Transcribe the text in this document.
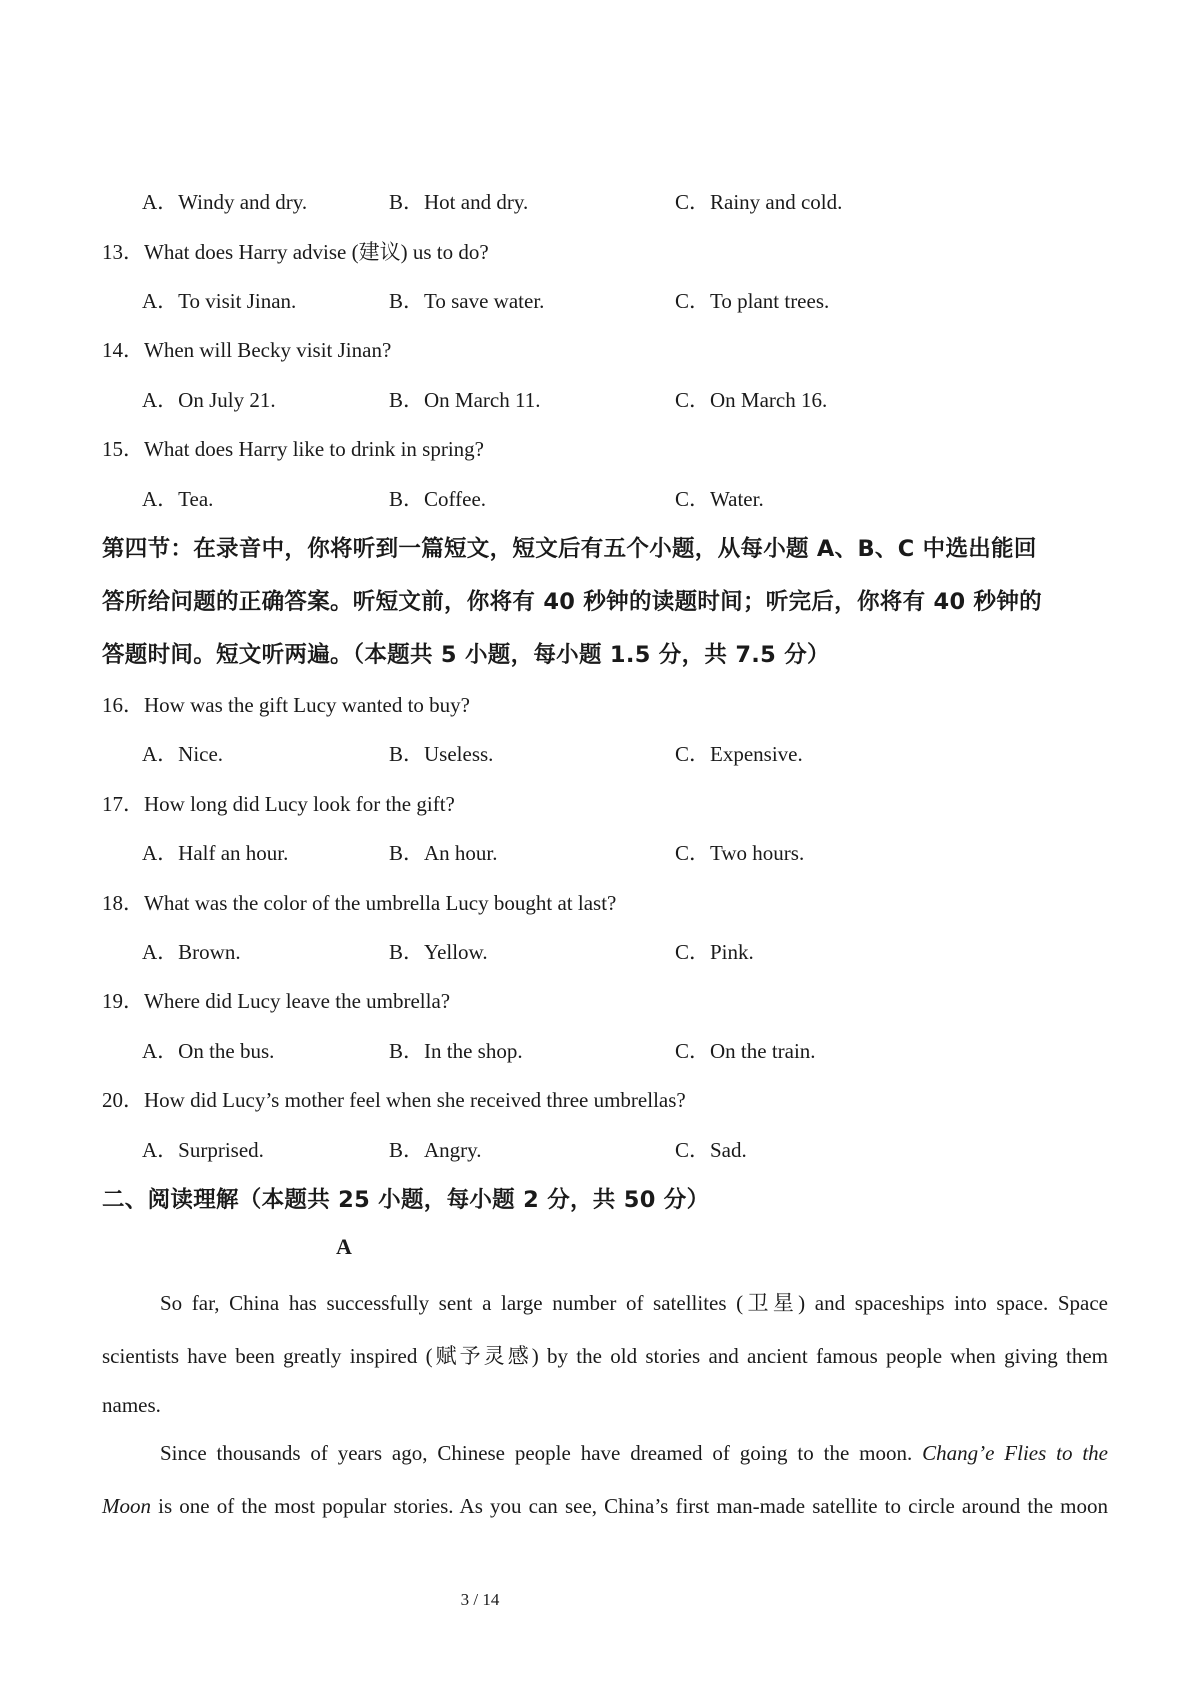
A．Windy and dry.	B．Hot and dry.	C．Rainy and cold.
13．What does Harry advise (建议) us to do?
A．To visit Jinan.	B．To save water.	C．To plant trees.
14．When will Becky visit Jinan?
A．On July 21.	B．On March 11.	C．On March 16.
15．What does Harry like to drink in spring?
A．Tea.	B．Coffee.	C．Water.
第四节：在录音中，你将听到一篇短文，短文后有五个小题，从每小题 A、B、C 中选出能回
答所给问题的正确答案。听短文前，你将有 40 秒钟的读题时间；听完后，你将有 40 秒钟的
答题时间。短文听两遍。（本题共 5 小题，每小题 1.5 分，共 7.5 分）
16．How was the gift Lucy wanted to buy?
A．Nice.	B．Useless.	C．Expensive.
17．How long did Lucy look for the gift?
A．Half an hour.	B．An hour.	C．Two hours.
18．What was the color of the umbrella Lucy bought at last?
A．Brown.	B．Yellow.	C．Pink.
19．Where did Lucy leave the umbrella?
A．On the bus.	B．In the shop.	C．On the train.
20．How did Lucy’s mother feel when she received three umbrellas?
A．Surprised.	B．Angry.	C．Sad.
二、阅读理解（本题共 25 小题，每小题 2 分，共 50 分）
A
So far, China has successfully sent a large number of satellites (卫星) and spaceships into space. Space
scientists have been greatly inspired (赋予灵感) by the old stories and ancient famous people when giving them
names.
Since thousands of years ago, Chinese people have dreamed of going to the moon. Chang’e Flies to the
Moon is one of the most popular stories. As you can see, China’s first man-made satellite to circle around the moon
3 / 14
